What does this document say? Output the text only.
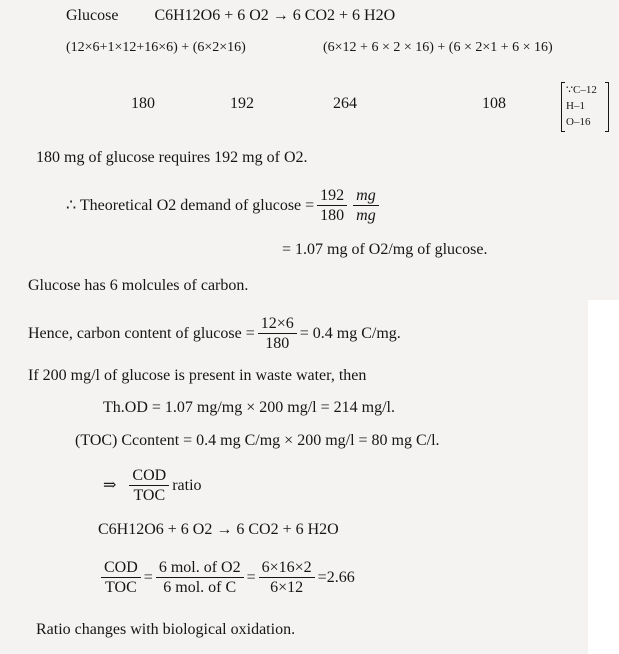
Glucose C6H12O6 + 6 O2 → 6 CO2 + 6 H2O
(12×6+1×12+16×6) + (6×2×16)	(6×12 + 6 × 2 × 16) + (6 × 2×1 + 6 × 16)
180	192	264	108
∵C–12
H–1
O–16
180 mg of glucose requires 192 mg of O2.
∴ Theoretical O2 demand of $glucose = \frac{192}{180} \frac{mg}{mg}$
= 1.07 mg of O2/mg of glucose.
Glucose has 6 molcules of carbon.
Hence, carbon content of $glucose = \frac{12\times 6}{180} = 0.4$ mg C/mg.
If 200 mg/l of glucose is present in waste water, then
Th.OD = 1.07 mg/mg × 200 mg/l = 214 mg/l.
(TOC) Ccontent = 0.4 mg C/mg × 200 mg/l = 80 mg C/l.
⇒ $\frac{\text{COD}}{\text{TOC}}$ ratio
C6H12O6 + 6 O2 → 6 CO2 + 6 H2O
$\frac{\text{COD}}{\text{TOC}} = \frac{\text{6 mol. of O2}}{\text{6 mol. of C}} = \frac{6\times 16\times 2}{6\times 12} =2.66$
Ratio changes with biological oxidation.
